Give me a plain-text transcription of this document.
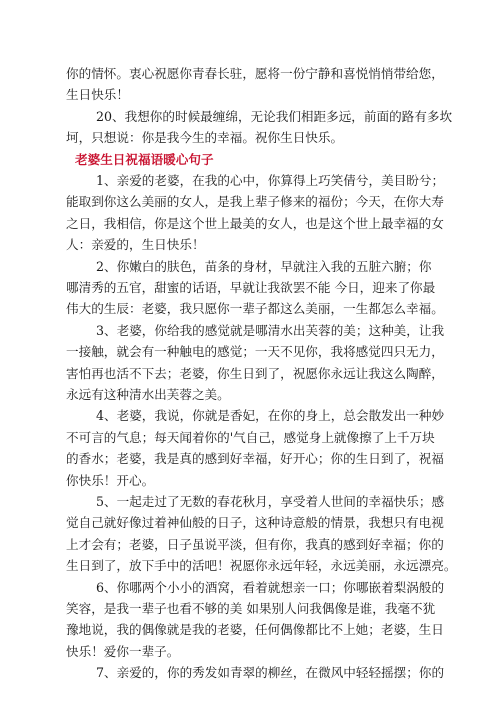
你的情怀。衷心祝愿你青春长驻，愿将一份宁静和喜悦悄悄带给您，
生日快乐！
20、我想你的时候最缠绵，无论我们相距多远，前面的路有多坎
坷，只想说：你是我今生的幸福。祝你生日快乐。
老婆生日祝福语暖心句子
1、亲爱的老婆，在我的心中，你算得上巧笑倩兮，美目盼兮；
能取到你这么美丽的女人，是我上辈子修来的福份；今天，在你大寿
之日，我相信，你是这个世上最美的女人，也是这个世上最幸福的女
人：亲爱的，生日快乐！
2、你嫩白的肤色，苗条的身材，早就注入我的五脏六腑；你
哪清秀的五官，甜蜜的话语，早就让我欲罢不能 今日，迎来了你最
伟大的生辰：老婆，我只愿你一辈子都这么美丽，一生都怎么幸福。
3、老婆，你给我的感觉就是哪清水出芙蓉的美；这种美，让我
一接触，就会有一种触电的感觉；一天不见你，我将感觉四只无力，
害怕再也活不下去；老婆，你生日到了，祝愿你永远让我这么陶醉，
永远有这种清水出芙蓉之美。
4、老婆，我说，你就是香妃，在你的身上，总会散发出一种妙
不可言的气息；每天闻着你的'气自己，感觉身上就像擦了上千万块
的香水；老婆，我是真的感到好幸福，好开心；你的生日到了，祝福
你快乐！开心。
5、一起走过了无数的春花秋月，享受着人世间的幸福快乐；感
觉自己就好像过着神仙般的日子，这种诗意般的情景，我想只有电视
上才会有；老婆，日子虽说平淡，但有你，我真的感到好幸福；你的
生日到了，放下手中的活吧！祝愿你永远年轻，永远美丽，永远漂亮。
6、你哪两个小小的酒窝，看着就想亲一口；你哪嵌着梨涡般的
笑容，是我一辈子也看不够的美 如果别人问我偶像是谁，我毫不犹
豫地说，我的偶像就是我的老婆，任何偶像都比不上她；老婆，生日
快乐！爱你一辈子。
7、亲爱的，你的秀发如青翠的柳丝，在微风中轻轻摇摆；你的
